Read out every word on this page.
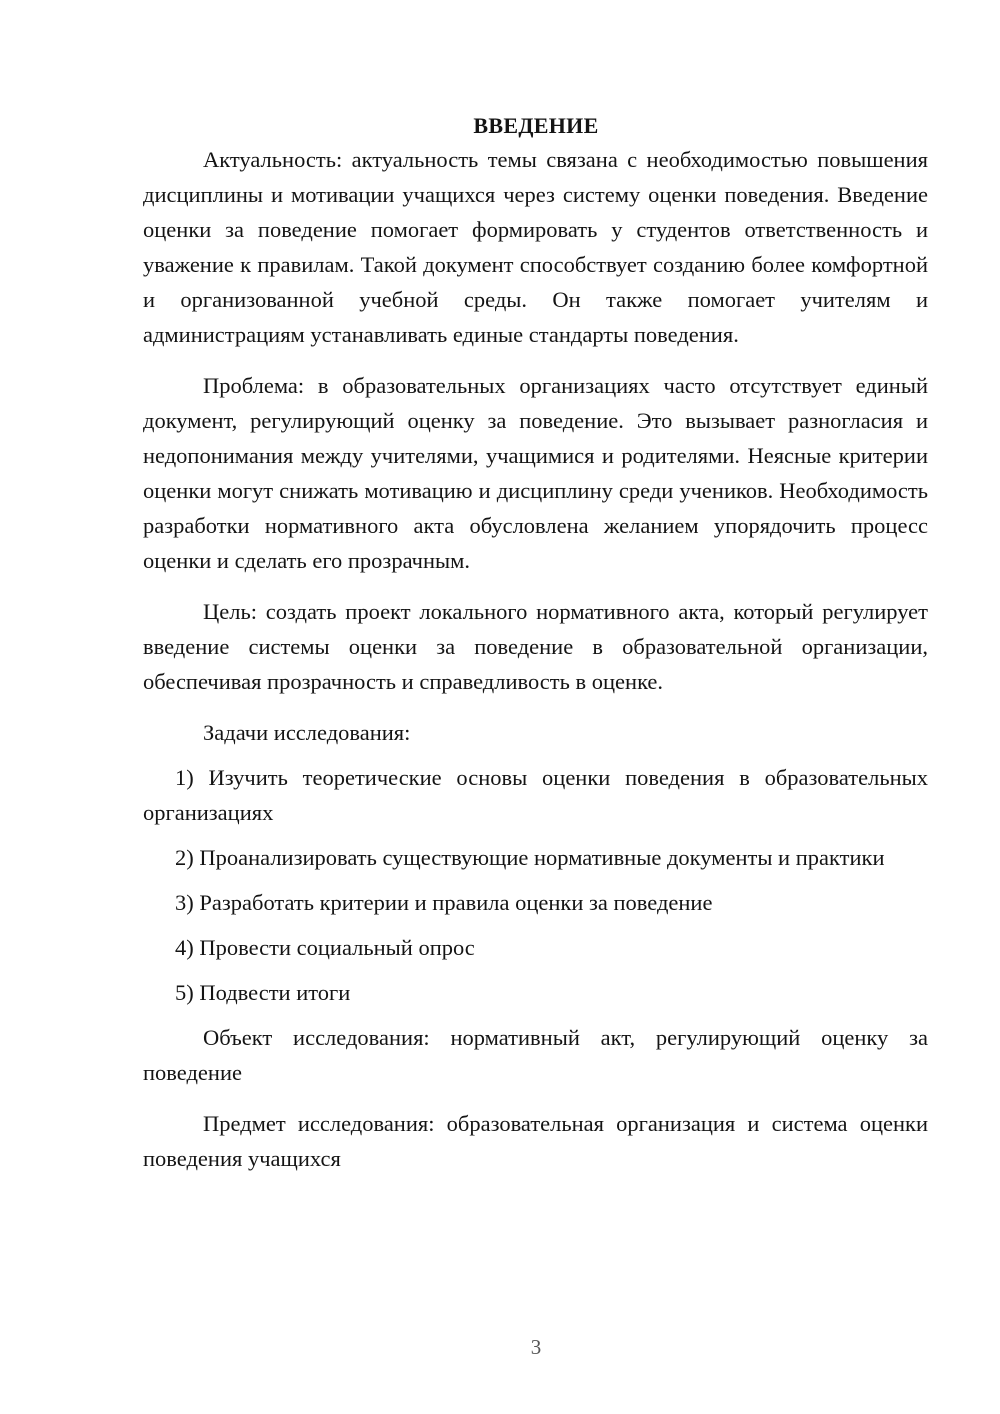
ВВЕДЕНИЕ

Актуальность: актуальность темы связана с необходимостью повышения дисциплины и мотивации учащихся через систему оценки поведения. Введение оценки за поведение помогает формировать у студентов ответственность и уважение к правилам. Такой документ способствует созданию более комфортной и организованной учебной среды. Он также помогает учителям и администрациям устанавливать единые стандарты поведения.

Проблема: в образовательных организациях часто отсутствует единый документ, регулирующий оценку за поведение. Это вызывает разногласия и недопонимания между учителями, учащимися и родителями. Неясные критерии оценки могут снижать мотивацию и дисциплину среди учеников. Необходимость разработки нормативного акта обусловлена желанием упорядочить процесс оценки и сделать его прозрачным.

Цель: создать проект локального нормативного акта, который регулирует введение системы оценки за поведение в образовательной организации, обеспечивая прозрачность и справедливость в оценке.

Задачи исследования:

1) Изучить теоретические основы оценки поведения в образовательных организациях

2) Проанализировать существующие нормативные документы и практики

3) Разработать критерии и правила оценки за поведение

4) Провести социальный опрос

5) Подвести итоги

Объект исследования: нормативный акт, регулирующий оценку за поведение

Предмет исследования: образовательная организация и система оценки поведения учащихся

3
